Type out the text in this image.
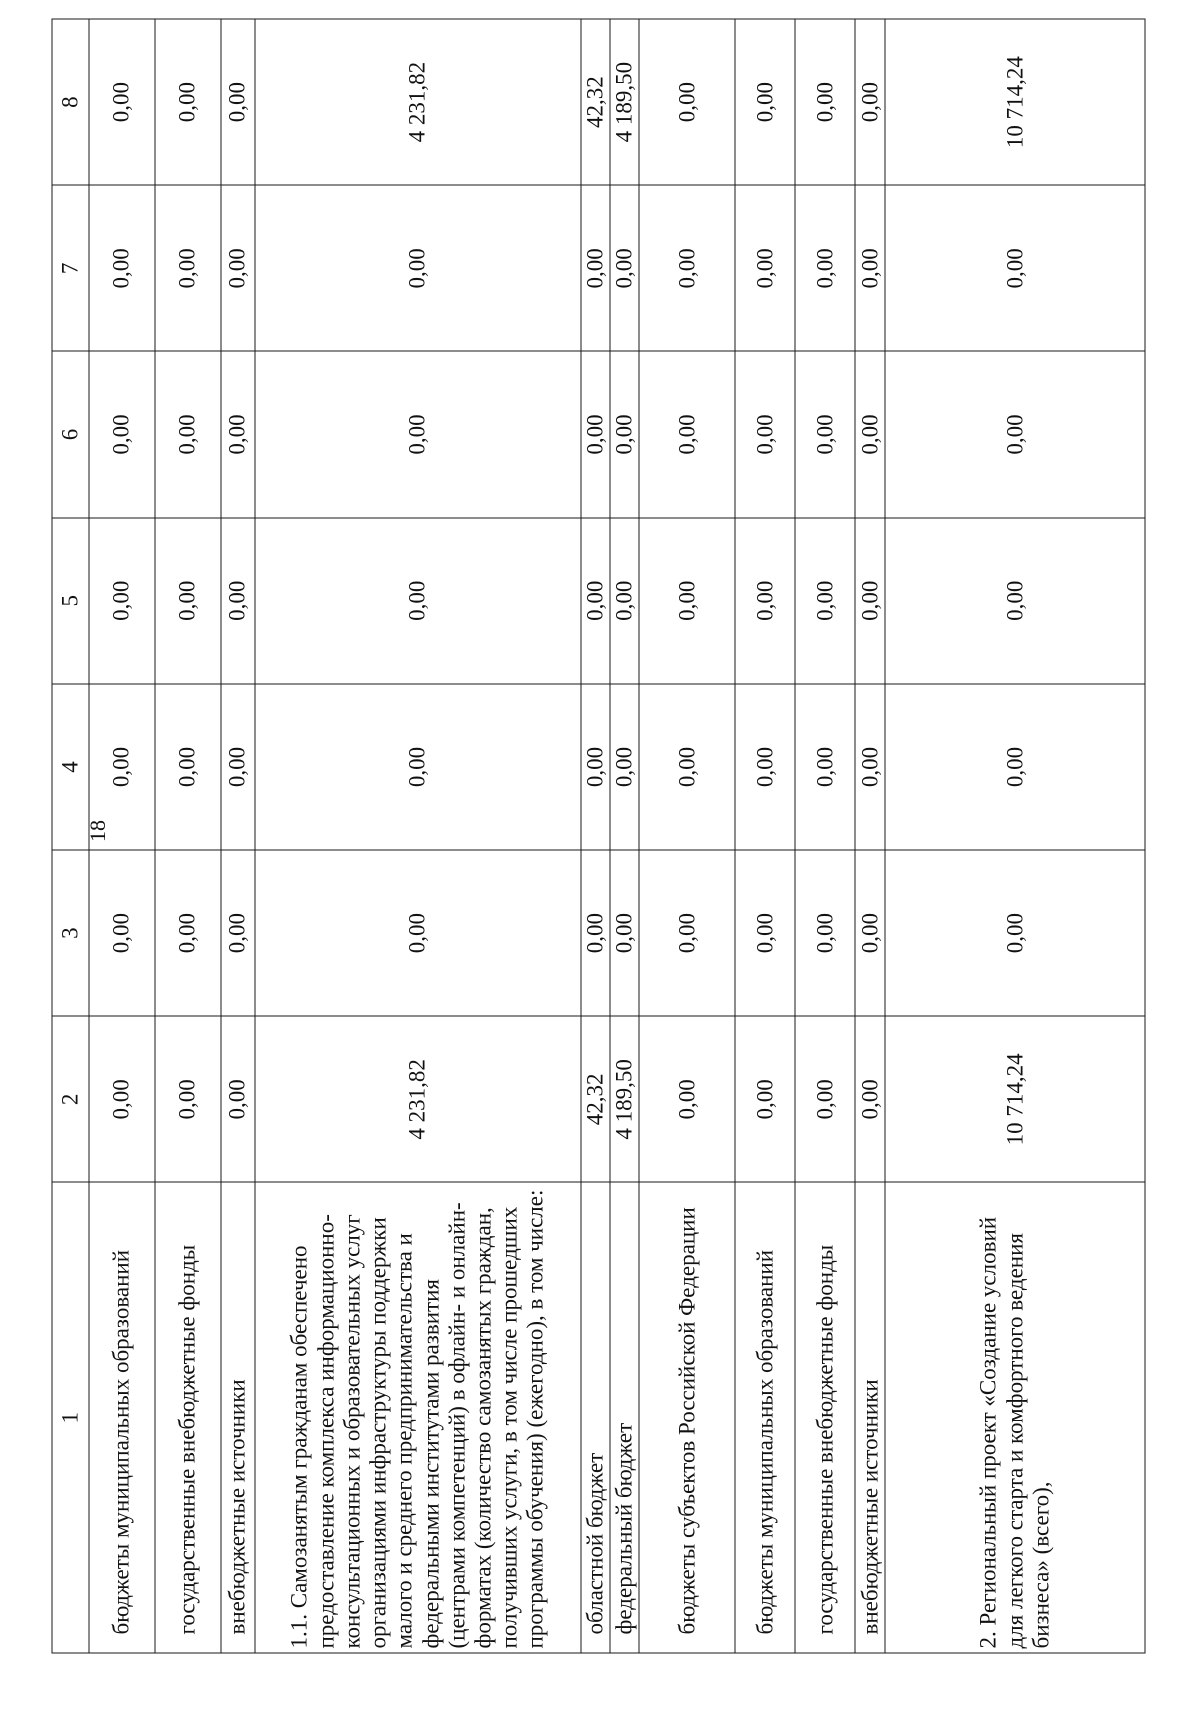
18
1	2	3	4	5	6	7	8
бюджеты муниципальных образований	0,00	0,00	0,00	0,00	0,00	0,00	0,00
государственные внебюджетные фонды	0,00	0,00	0,00	0,00	0,00	0,00	0,00
внебюджетные источники	0,00	0,00	0,00	0,00	0,00	0,00	0,00
1.1. Самозанятым гражданам обеспечено предоставление комплекса информационно-консультационных и образовательных услуг организациями инфраструктуры поддержки малого и среднего предпринимательства и федеральными институтами развития (центрами компетенций) в офлайн- и онлайн-форматах (количество самозанятых граждан, получивших услуги, в том числе прошедших программы обучения) (ежегодно), в том числе:	4 231,82	0,00	0,00	0,00	0,00	0,00	4 231,82
областной бюджет	42,32	0,00	0,00	0,00	0,00	0,00	42,32
федеральный бюджет	4 189,50	0,00	0,00	0,00	0,00	0,00	4 189,50
бюджеты субъектов Российской Федерации	0,00	0,00	0,00	0,00	0,00	0,00	0,00
бюджеты муниципальных образований	0,00	0,00	0,00	0,00	0,00	0,00	0,00
государственные внебюджетные фонды	0,00	0,00	0,00	0,00	0,00	0,00	0,00
внебюджетные источники	0,00	0,00	0,00	0,00	0,00	0,00	0,00
2. Региональный проект «Создание условий для легкого старта и комфортного ведения бизнеса» (всего),	10 714,24	0,00	0,00	0,00	0,00	0,00	10 714,24
